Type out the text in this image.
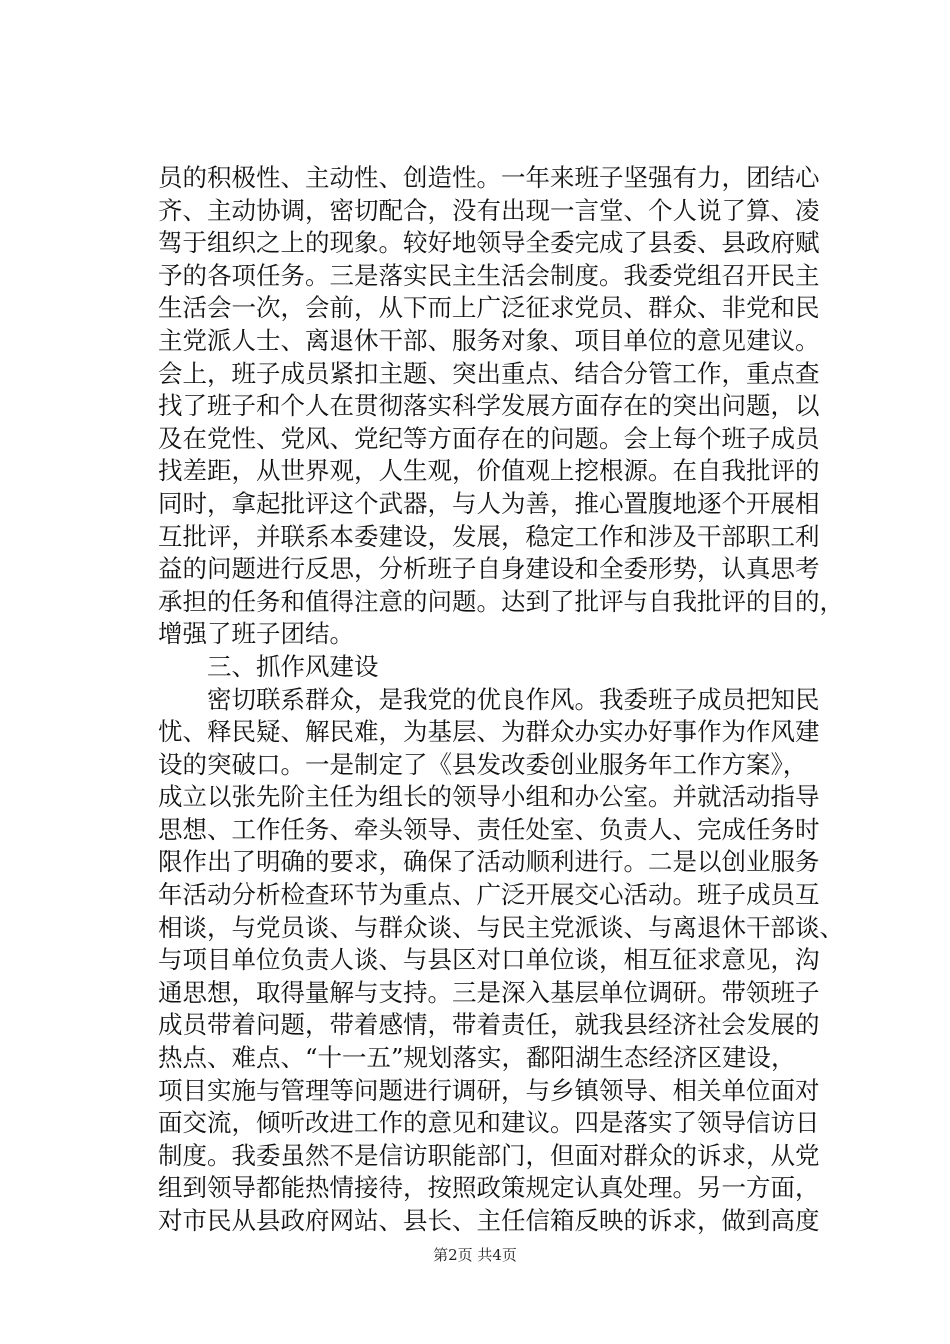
员的积极性、主动性、创造性。一年来班子坚强有力，团结心
齐、主动协调，密切配合，没有出现一言堂、个人说了算、凌
驾于组织之上的现象。较好地领导全委完成了县委、县政府赋
予的各项任务。三是落实民主生活会制度。我委党组召开民主
生活会一次，会前，从下而上广泛征求党员、群众、非党和民
主党派人士、离退休干部、服务对象、项目单位的意见建议。
会上，班子成员紧扣主题、突出重点、结合分管工作，重点查
找了班子和个人在贯彻落实科学发展方面存在的突出问题，以
及在党性、党风、党纪等方面存在的问题。会上每个班子成员
找差距，从世界观，人生观，价值观上挖根源。在自我批评的
同时，拿起批评这个武器，与人为善，推心置腹地逐个开展相
互批评，并联系本委建设，发展，稳定工作和涉及干部职工利
益的问题进行反思，分析班子自身建设和全委形势，认真思考
承担的任务和值得注意的问题。达到了批评与自我批评的目的，
增强了班子团结。
　　三、抓作风建设
　　密切联系群众，是我党的优良作风。我委班子成员把知民
忧、释民疑、解民难，为基层、为群众办实办好事作为作风建
设的突破口。一是制定了《县发改委创业服务年工作方案》，
成立以张先阶主任为组长的领导小组和办公室。并就活动指导
思想、工作任务、牵头领导、责任处室、负责人、完成任务时
限作出了明确的要求，确保了活动顺利进行。二是以创业服务
年活动分析检查环节为重点、广泛开展交心活动。班子成员互
相谈，与党员谈、与群众谈、与民主党派谈、与离退休干部谈、
与项目单位负责人谈、与县区对口单位谈，相互征求意见，沟
通思想，取得量解与支持。三是深入基层单位调研。带领班子
成员带着问题，带着感情，带着责任，就我县经济社会发展的
热点、难点、“十一五”规划落实，鄱阳湖生态经济区建设，
项目实施与管理等问题进行调研，与乡镇领导、相关单位面对
面交流，倾听改进工作的意见和建议。四是落实了领导信访日
制度。我委虽然不是信访职能部门，但面对群众的诉求，从党
组到领导都能热情接待，按照政策规定认真处理。另一方面，
对市民从县政府网站、县长、主任信箱反映的诉求，做到高度
第2页 共4页
